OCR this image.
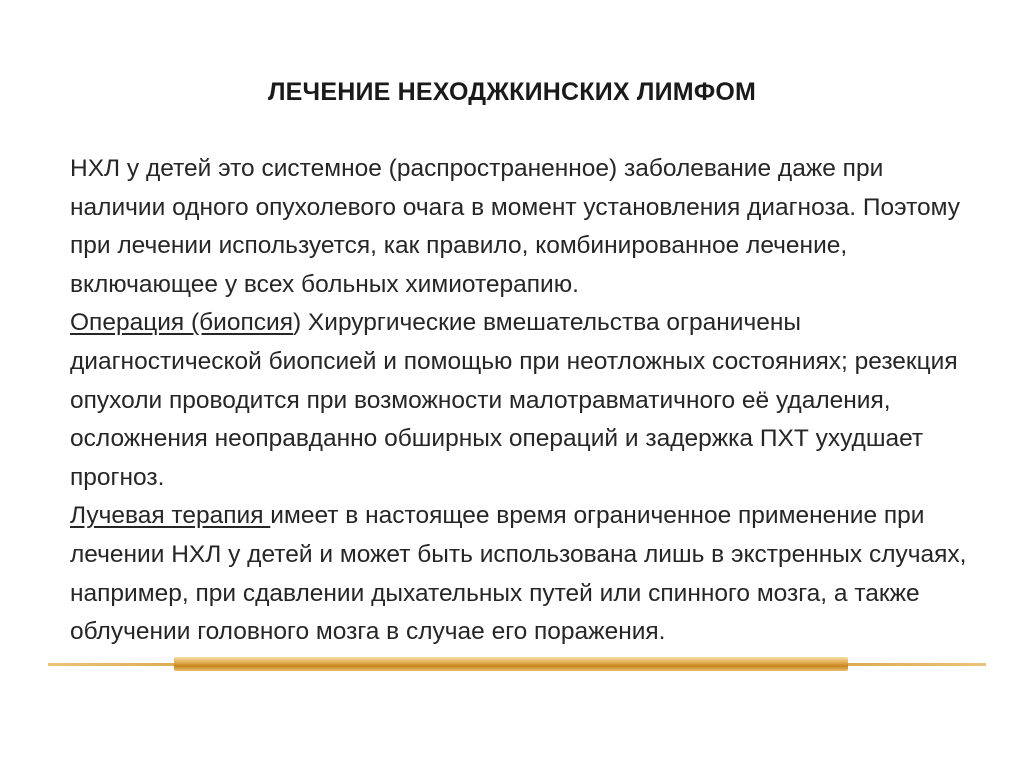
ЛЕЧЕНИЕ НЕХОДЖКИНСКИХ ЛИМФОМ

НХЛ у детей это системное (распространенное) заболевание даже при наличии одного опухолевого очага в момент установления диагноза. Поэтому при лечении используется, как правило, комбинированное лечение, включающее у всех больных химиотерапию.

Операция (биопсия) Хирургические вмешательства ограничены диагностической биопсией и помощью при неотложных состояниях; резекция опухоли проводится при возможности малотравматичного её удаления, осложнения неоправданно обширных операций и задержка ПХТ ухудшает прогноз.

Лучевая терапия имеет в настоящее время ограниченное применение при лечении НХЛ у детей и может быть использована лишь в экстренных случаях, например, при сдавлении дыхательных путей или спинного мозга, а также облучении головного мозга в случае его поражения.
